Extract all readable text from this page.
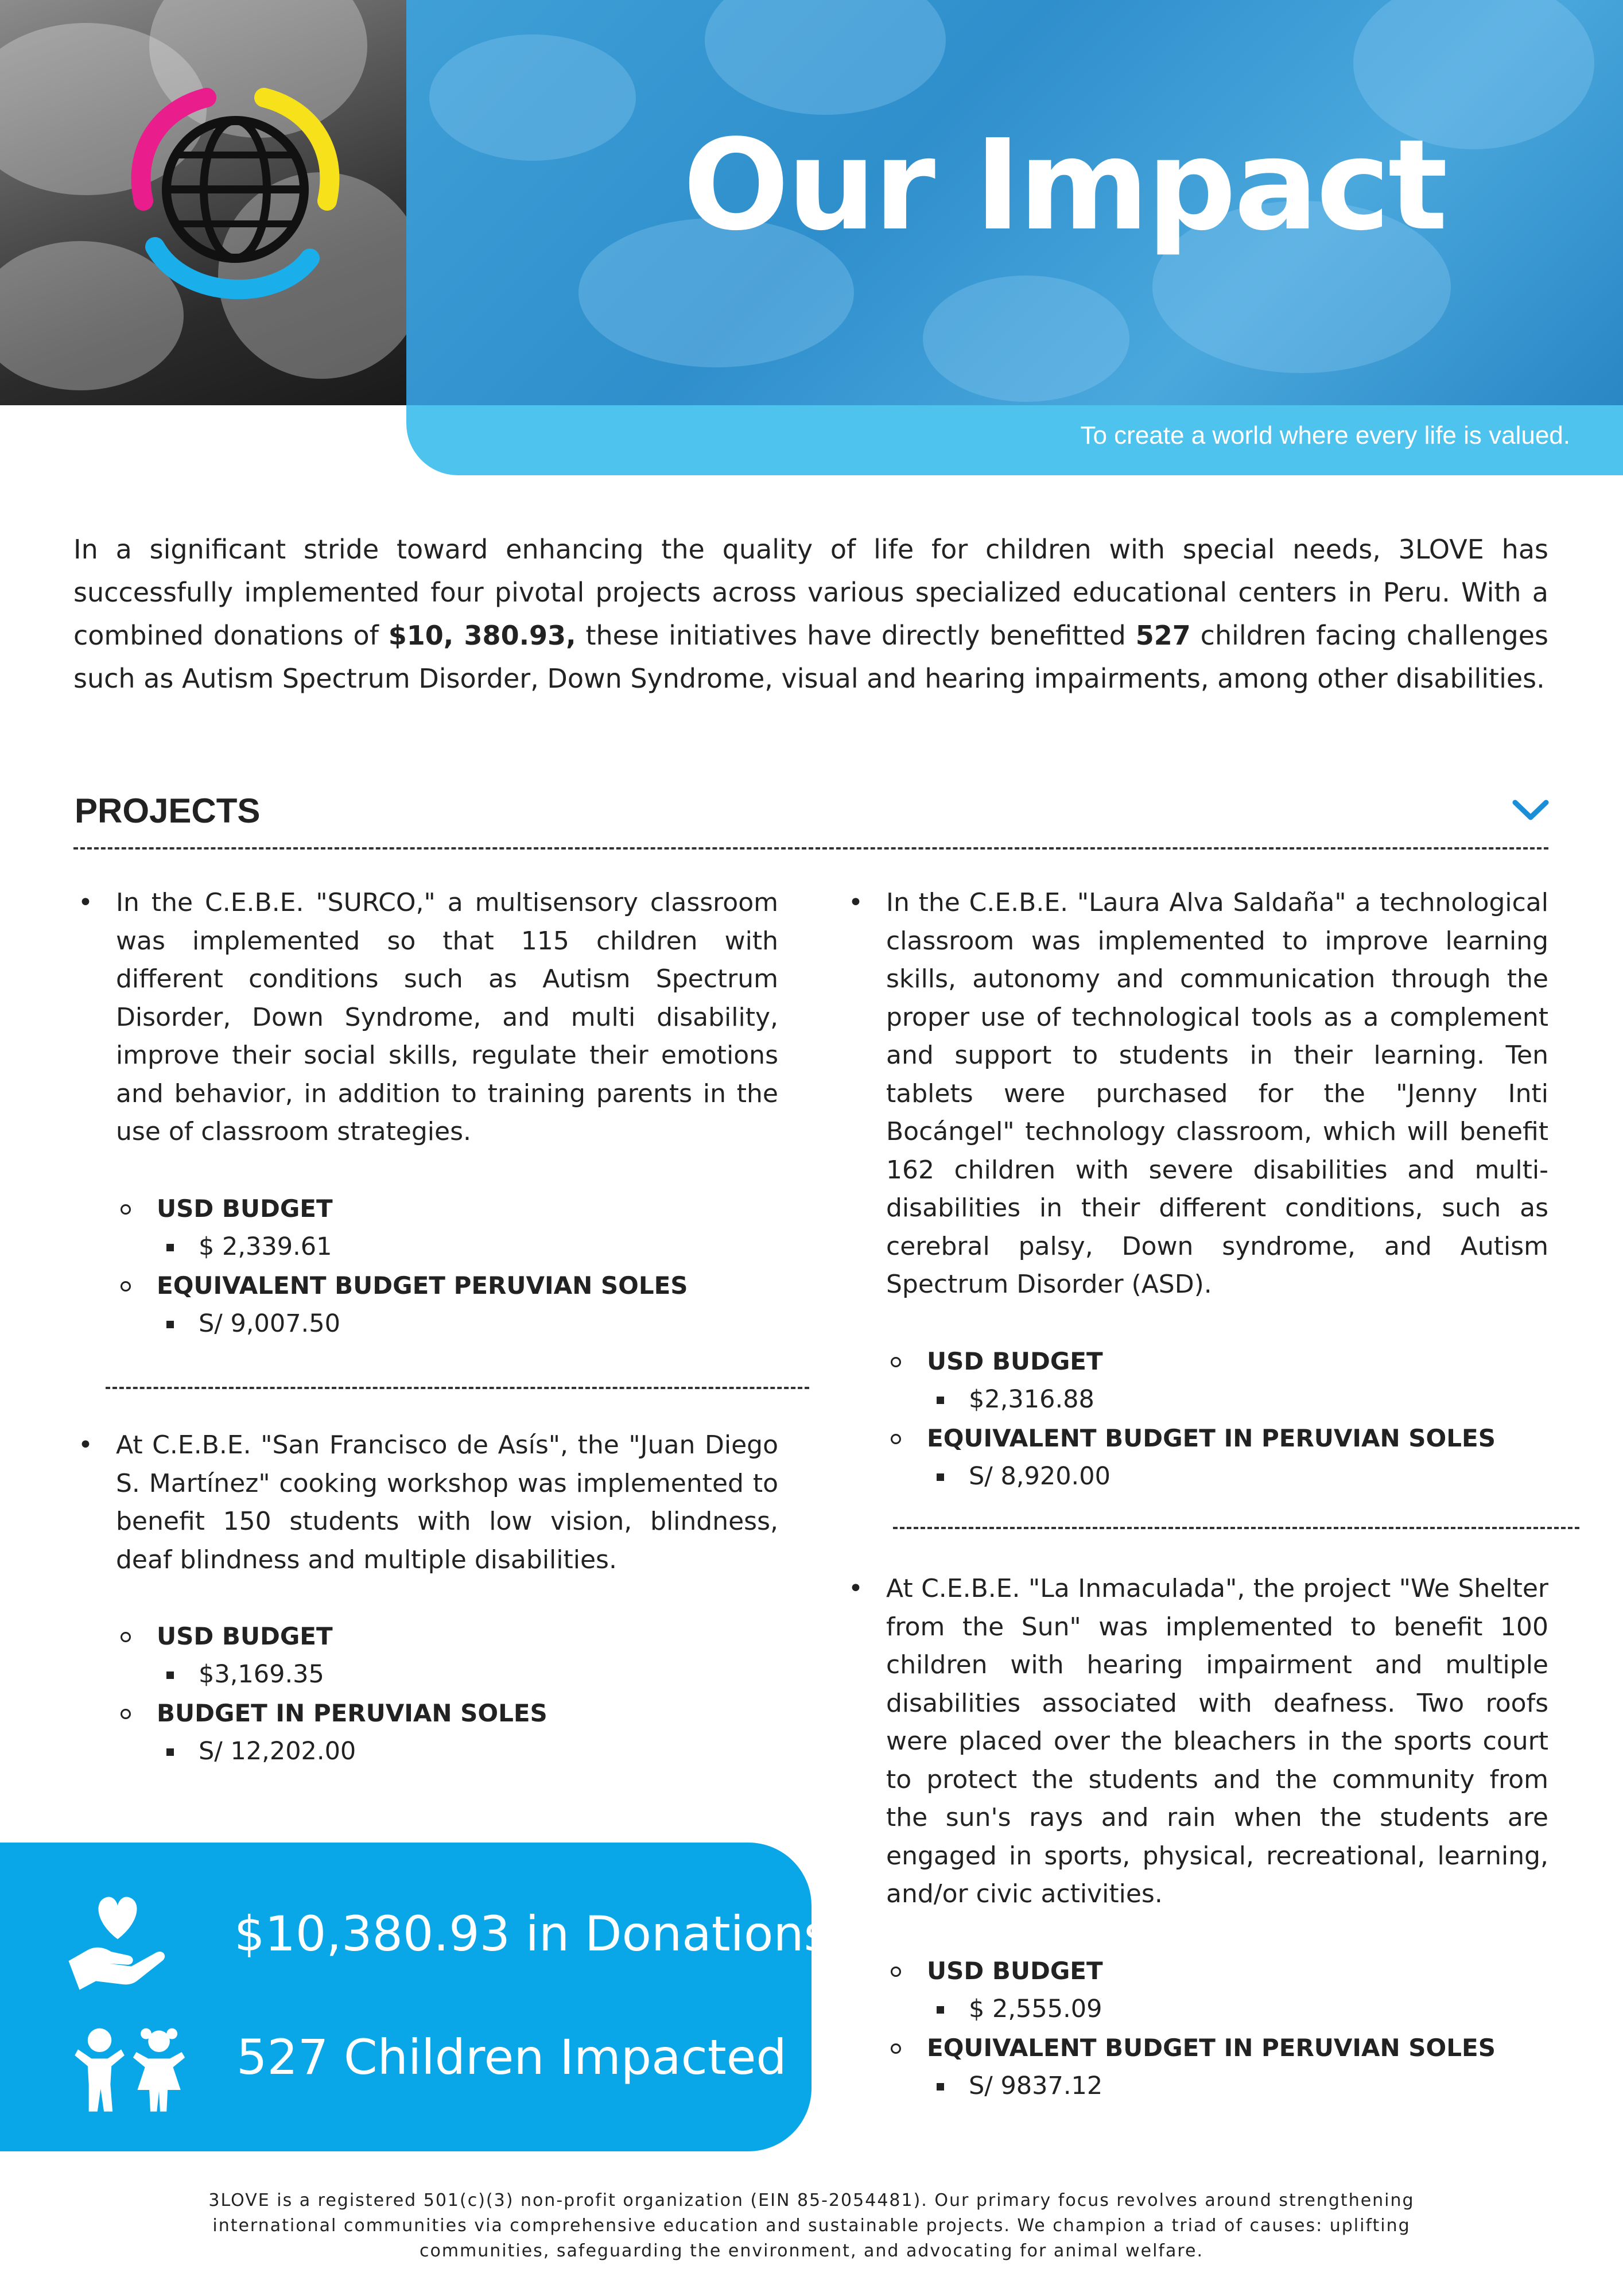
Our Impact
To create a world where every life is valued.

In a significant stride toward enhancing the quality of life for children with special needs, 3LOVE has successfully implemented four pivotal projects across various specialized educational centers in Peru. With a combined donations of $10, 380.93, these initiatives have directly benefitted 527 children facing challenges such as Autism Spectrum Disorder, Down Syndrome, visual and hearing impairments, among other disabilities.

PROJECTS

• In the C.E.B.E. "SURCO," a multisensory classroom was implemented so that 115 children with different conditions such as Autism Spectrum Disorder, Down Syndrome, and multi disability, improve their social skills, regulate their emotions and behavior, in addition to training parents in the use of classroom strategies.

USD BUDGET
$ 2,339.61
EQUIVALENT BUDGET PERUVIAN SOLES
S/ 9,007.50

• At C.E.B.E. "San Francisco de Asís", the "Juan Diego S. Martínez" cooking workshop was implemented to benefit 150 students with low vision, blindness, deaf blindness and multiple disabilities.

USD BUDGET
$3,169.35
BUDGET IN PERUVIAN SOLES
S/ 12,202.00

• In the C.E.B.E. "Laura Alva Saldaña" a technological classroom was implemented to improve learning skills, autonomy and communication through the proper use of technological tools as a complement and support to students in their learning. Ten tablets were purchased for the "Jenny Inti Bocángel" technology classroom, which will benefit 162 children with severe disabilities and multi-disabilities in their different conditions, such as cerebral palsy, Down syndrome, and Autism Spectrum Disorder (ASD).

USD BUDGET
$2,316.88
EQUIVALENT BUDGET IN PERUVIAN SOLES
S/ 8,920.00

• At C.E.B.E. "La Inmaculada", the project "We Shelter from the Sun" was implemented to benefit 100 children with hearing impairment and multiple disabilities associated with deafness. Two roofs were placed over the bleachers in the sports court to protect the students and the community from the sun's rays and rain when the students are engaged in sports, physical, recreational, learning, and/or civic activities.

USD BUDGET
$ 2,555.09
EQUIVALENT BUDGET IN PERUVIAN SOLES
S/ 9837.12
$10,380.93 in Donations
527 Children Impacted

3LOVE is a registered 501(c)(3) non-profit organization (EIN 85-2054481). Our primary focus revolves around strengthening international communities via comprehensive education and sustainable projects. We champion a triad of causes: uplifting communities, safeguarding the environment, and advocating for animal welfare.
